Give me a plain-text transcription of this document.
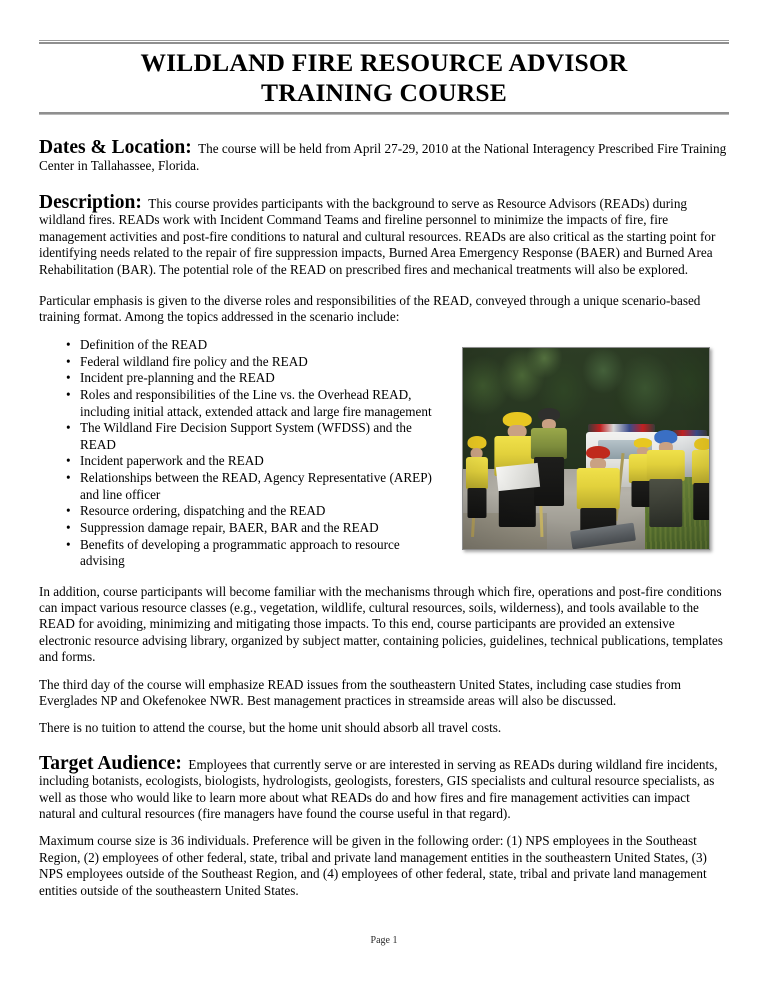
WILDLAND FIRE RESOURCE ADVISOR
TRAINING COURSE
Dates & Location: The course will be held from April 27-29, 2010 at the National Interagency Prescribed Fire Training Center in Tallahassee, Florida.
Description: This course provides participants with the background to serve as Resource Advisors (READs) during wildland fires. READs work with Incident Command Teams and fireline personnel to minimize the impacts of fire, fire management activities and post-fire conditions to natural and cultural resources. READs are also critical as the starting point for identifying needs related to the repair of fire suppression impacts, Burned Area Emergency Response (BAER) and Burned Area Rehabilitation (BAR). The potential role of the READ on prescribed fires and mechanical treatments will also be explored.
Particular emphasis is given to the diverse roles and responsibilities of the READ, conveyed through a unique scenario-based training format. Among the topics addressed in the scenario include:
• Definition of the READ
• Federal wildland fire policy and the READ
• Incident pre-planning and the READ
• Roles and responsibilities of the Line vs. the Overhead READ, including initial attack, extended attack and large fire management
• The Wildland Fire Decision Support System (WFDSS) and the READ
• Incident paperwork and the READ
• Relationships between the READ, Agency Representative (AREP) and line officer
• Resource ordering, dispatching and the READ
• Suppression damage repair, BAER, BAR and the READ
• Benefits of developing a programmatic approach to resource advising
In addition, course participants will become familiar with the mechanisms through which fire, operations and post-fire conditions can impact various resource classes (e.g., vegetation, wildlife, cultural resources, soils, wilderness), and tools available to the READ for avoiding, minimizing and mitigating those impacts. To this end, course participants are provided an extensive electronic resource advising library, organized by subject matter, containing policies, guidelines, technical publications, templates and forms.
The third day of the course will emphasize READ issues from the southeastern United States, including case studies from Everglades NP and Okefenokee NWR. Best management practices in streamside areas will also be discussed.
There is no tuition to attend the course, but the home unit should absorb all travel costs.
Target Audience: Employees that currently serve or are interested in serving as READs during wildland fire incidents, including botanists, ecologists, biologists, hydrologists, geologists, foresters, GIS specialists and cultural resource specialists, as well as those who would like to learn more about what READs do and how fires and fire management activities can impact natural and cultural resources (fire managers have found the course useful in that regard).
Maximum course size is 36 individuals. Preference will be given in the following order: (1) NPS employees in the Southeast Region, (2) employees of other federal, state, tribal and private land management entities in the southeastern United States, (3) NPS employees outside of the Southeast Region, and (4) employees of other federal, state, tribal and private land management entities outside of the southeastern United States.
Page 1
